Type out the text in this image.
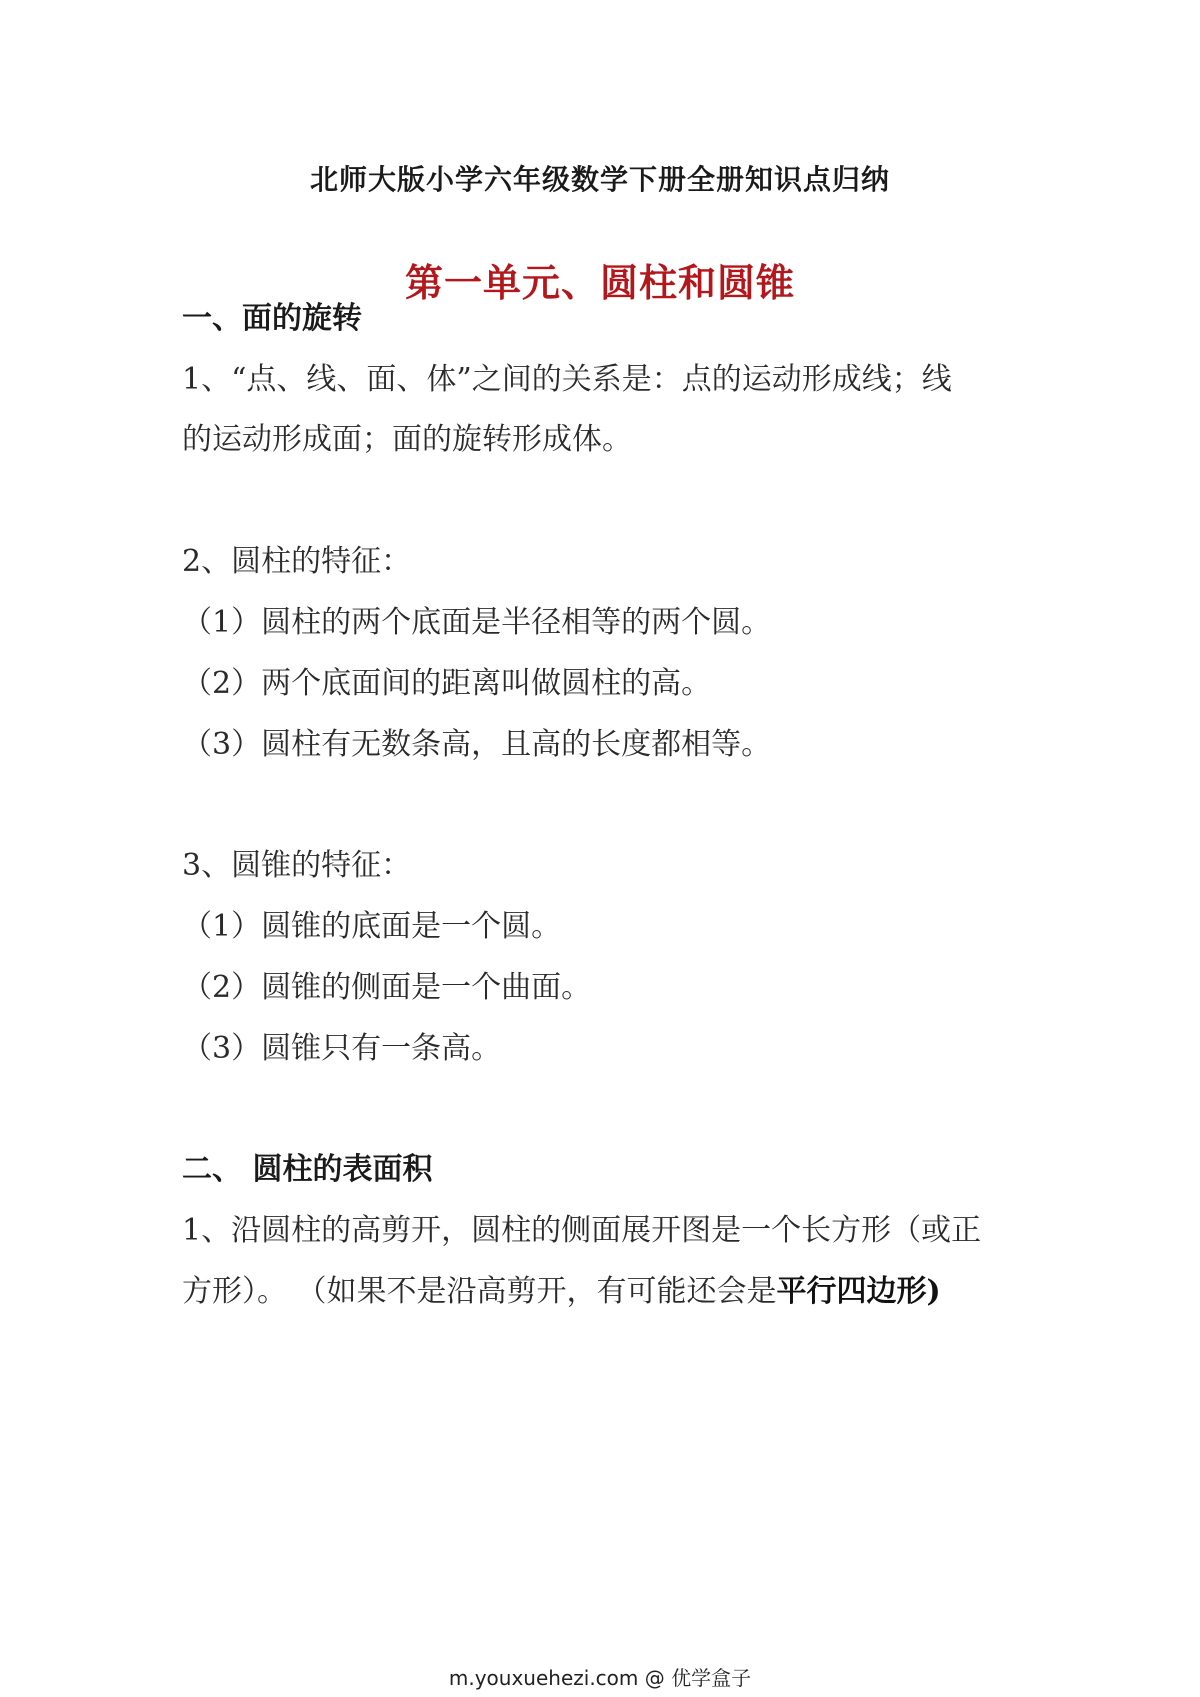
北师大版小学六年级数学下册全册知识点归纳
第一单元、圆柱和圆锥
一、面的旋转
1、“点、线、面、体”之间的关系是：点的运动形成线；线
的运动形成面；面的旋转形成体。
2、圆柱的特征：
（1）圆柱的两个底面是半径相等的两个圆。
（2）两个底面间的距离叫做圆柱的高。
（3）圆柱有无数条高，且高的长度都相等。
3、圆锥的特征：
（1）圆锥的底面是一个圆。
（2）圆锥的侧面是一个曲面。
（3）圆锥只有一条高。
二、 圆柱的表面积
1、沿圆柱的高剪开，圆柱的侧面展开图是一个长方形（或正
方形）。 （如果不是沿高剪开，有可能还会是平行四边形)
m.youxuehezi.com @ 优学盒子
